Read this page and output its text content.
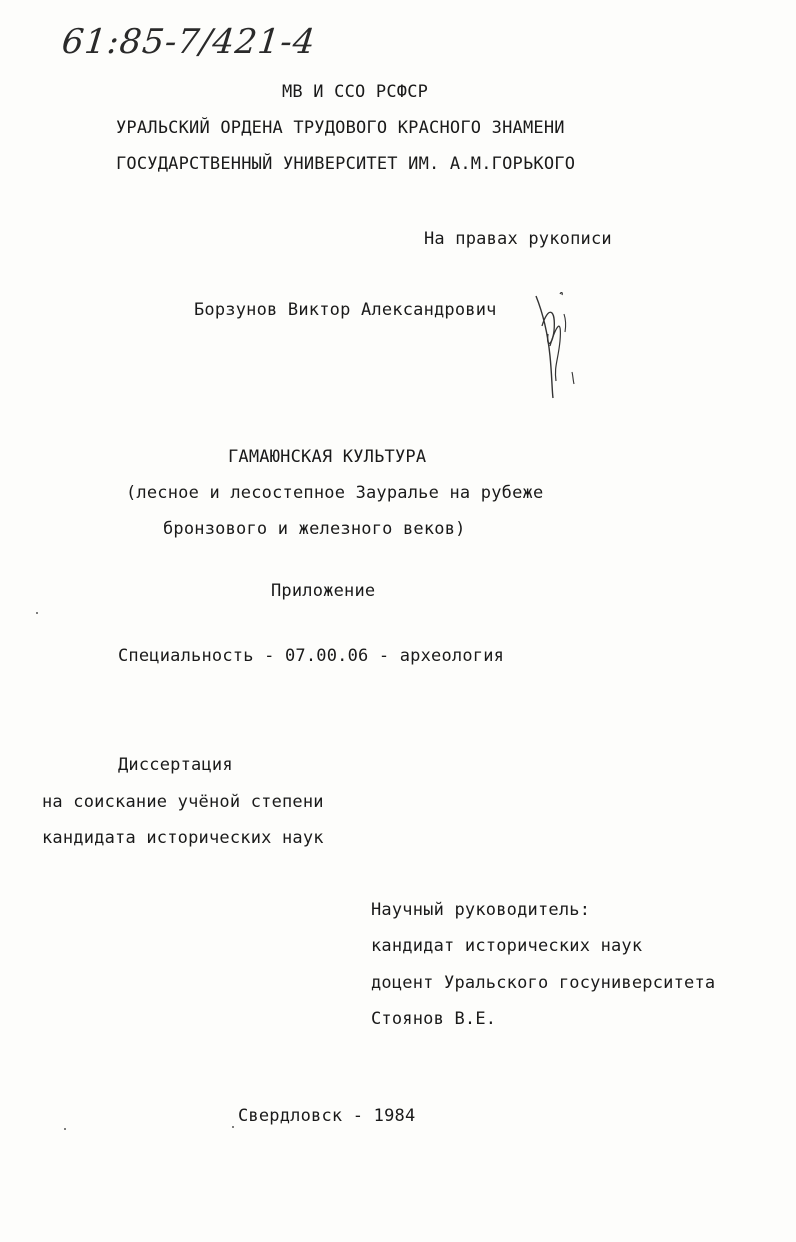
61:85-7/421-4
МВ И ССО РСФСР
УРАЛЬСКИЙ ОРДЕНА ТРУДОВОГО КРАСНОГО ЗНАМЕНИ
ГОСУДАРСТВЕННЫЙ УНИВЕРСИТЕТ ИМ. А.М.ГОРЬКОГО
На правах рукописи
Борзунов Виктор Александрович
ГАМАЮНСКАЯ КУЛЬТУРА
(лесное и лесостепное Зауралье на рубеже
бронзового и железного веков)
Приложение
Специальность - 07.00.06 - археология
Диссертация
на соискание учёной степени
кандидата исторических наук
Научный руководитель:
кандидат исторических наук
доцент Уральского госуниверситета
Стоянов В.Е.
Свердловск - 1984
